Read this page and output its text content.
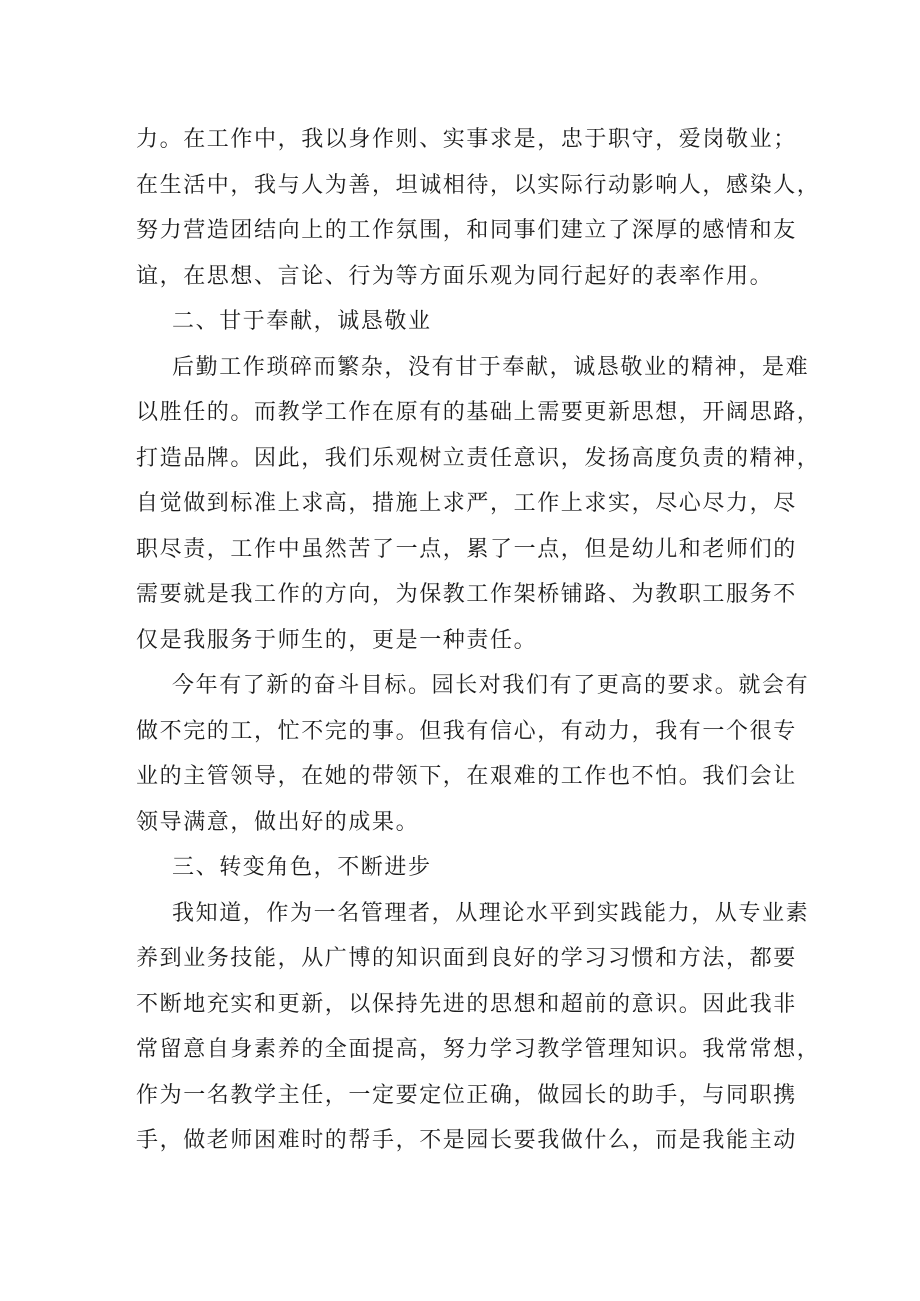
力。在工作中，我以身作则、实事求是，忠于职守，爱岗敬业；
在生活中，我与人为善，坦诚相待，以实际行动影响人，感染人，
努力营造团结向上的工作氛围，和同事们建立了深厚的感情和友
谊，在思想、言论、行为等方面乐观为同行起好的表率作用。
二、甘于奉献，诚恳敬业
后勤工作琐碎而繁杂，没有甘于奉献，诚恳敬业的精神，是难
以胜任的。而教学工作在原有的基础上需要更新思想，开阔思路，
打造品牌。因此，我们乐观树立责任意识，发扬高度负责的精神，
自觉做到标准上求高，措施上求严，工作上求实，尽心尽力，尽
职尽责，工作中虽然苦了一点，累了一点，但是幼儿和老师们的
需要就是我工作的方向，为保教工作架桥铺路、为教职工服务不
仅是我服务于师生的，更是一种责任。
今年有了新的奋斗目标。园长对我们有了更高的要求。就会有
做不完的工，忙不完的事。但我有信心，有动力，我有一个很专
业的主管领导，在她的带领下，在艰难的工作也不怕。我们会让
领导满意，做出好的成果。
三、转变角色，不断进步
我知道，作为一名管理者，从理论水平到实践能力，从专业素
养到业务技能，从广博的知识面到良好的学习习惯和方法，都要
不断地充实和更新，以保持先进的思想和超前的意识。因此我非
常留意自身素养的全面提高，努力学习教学管理知识。我常常想，
作为一名教学主任，一定要定位正确，做园长的助手，与同职携
手，做老师困难时的帮手，不是园长要我做什么，而是我能主动
